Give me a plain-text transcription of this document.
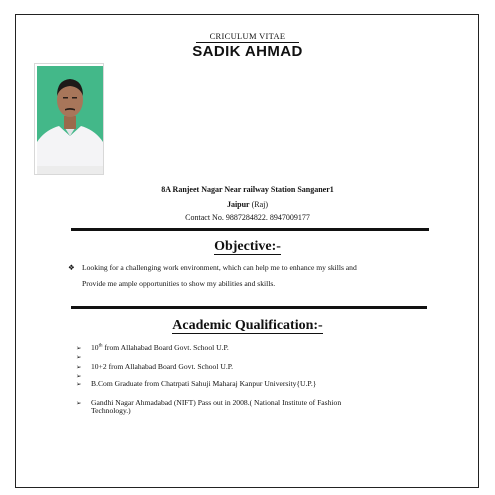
CRICULUM VITAE
SADIK AHMAD
8A Ranjeet Nagar Near railway Station Sanganer1
Jaipur (Raj)
Contact No. 9887284822. 8947009177
Objective:-
❖ Looking for a challenging work environment, which can help me to enhance my skills and
Provide me ample opportunities to show my abilities and skills.
Academic Qualification:-
➢ 10th from Allahabad Board Govt. School U.P.
➢
➢ 10+2 from Allahabad Board Govt. School U.P.
➢
➢ B.Com Graduate from Chatrpati Sahuji Maharaj Kanpur University{U.P.}
➢ Gandhi Nagar Ahmadabad (NIFT) Pass out in 2008.( National Institute of Fashion
Technology.)
